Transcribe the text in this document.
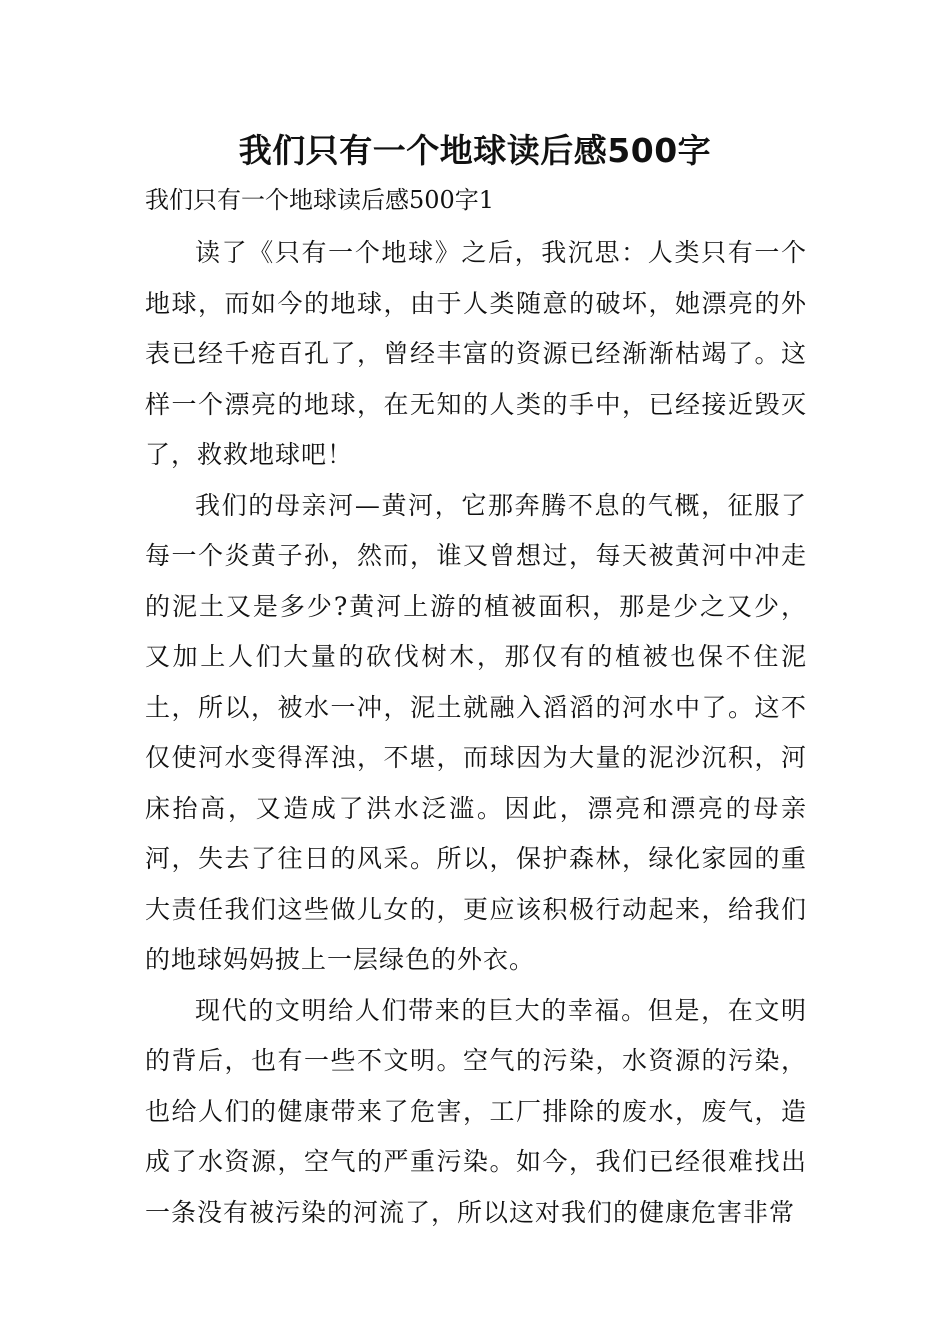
我们只有一个地球读后感500字

我们只有一个地球读后感500字1

读了《只有一个地球》之后，我沉思：人类只有一个地球，而如今的地球，由于人类随意的破坏，她漂亮的外表已经千疮百孔了，曾经丰富的资源已经渐渐枯竭了。这样一个漂亮的地球，在无知的人类的手中，已经接近毁灭了，救救地球吧！

我们的母亲河—黄河，它那奔腾不息的气概，征服了每一个炎黄子孙，然而，谁又曾想过，每天被黄河中冲走的泥土又是多少?黄河上游的植被面积，那是少之又少，又加上人们大量的砍伐树木，那仅有的植被也保不住泥土，所以，被水一冲，泥土就融入滔滔的河水中了。这不仅使河水变得浑浊，不堪，而球因为大量的泥沙沉积，河床抬高，又造成了洪水泛滥。因此，漂亮和漂亮的母亲河，失去了往日的风采。所以，保护森林，绿化家园的重大责任我们这些做儿女的，更应该积极行动起来，给我们的地球妈妈披上一层绿色的外衣。

现代的文明给人们带来的巨大的幸福。但是，在文明的背后，也有一些不文明。空气的污染，水资源的污染，也给人们的健康带来了危害，工厂排除的废水，废气，造成了水资源，空气的严重污染。如今，我们已经很难找出一条没有被污染的河流了，所以这对我们的健康危害非常
